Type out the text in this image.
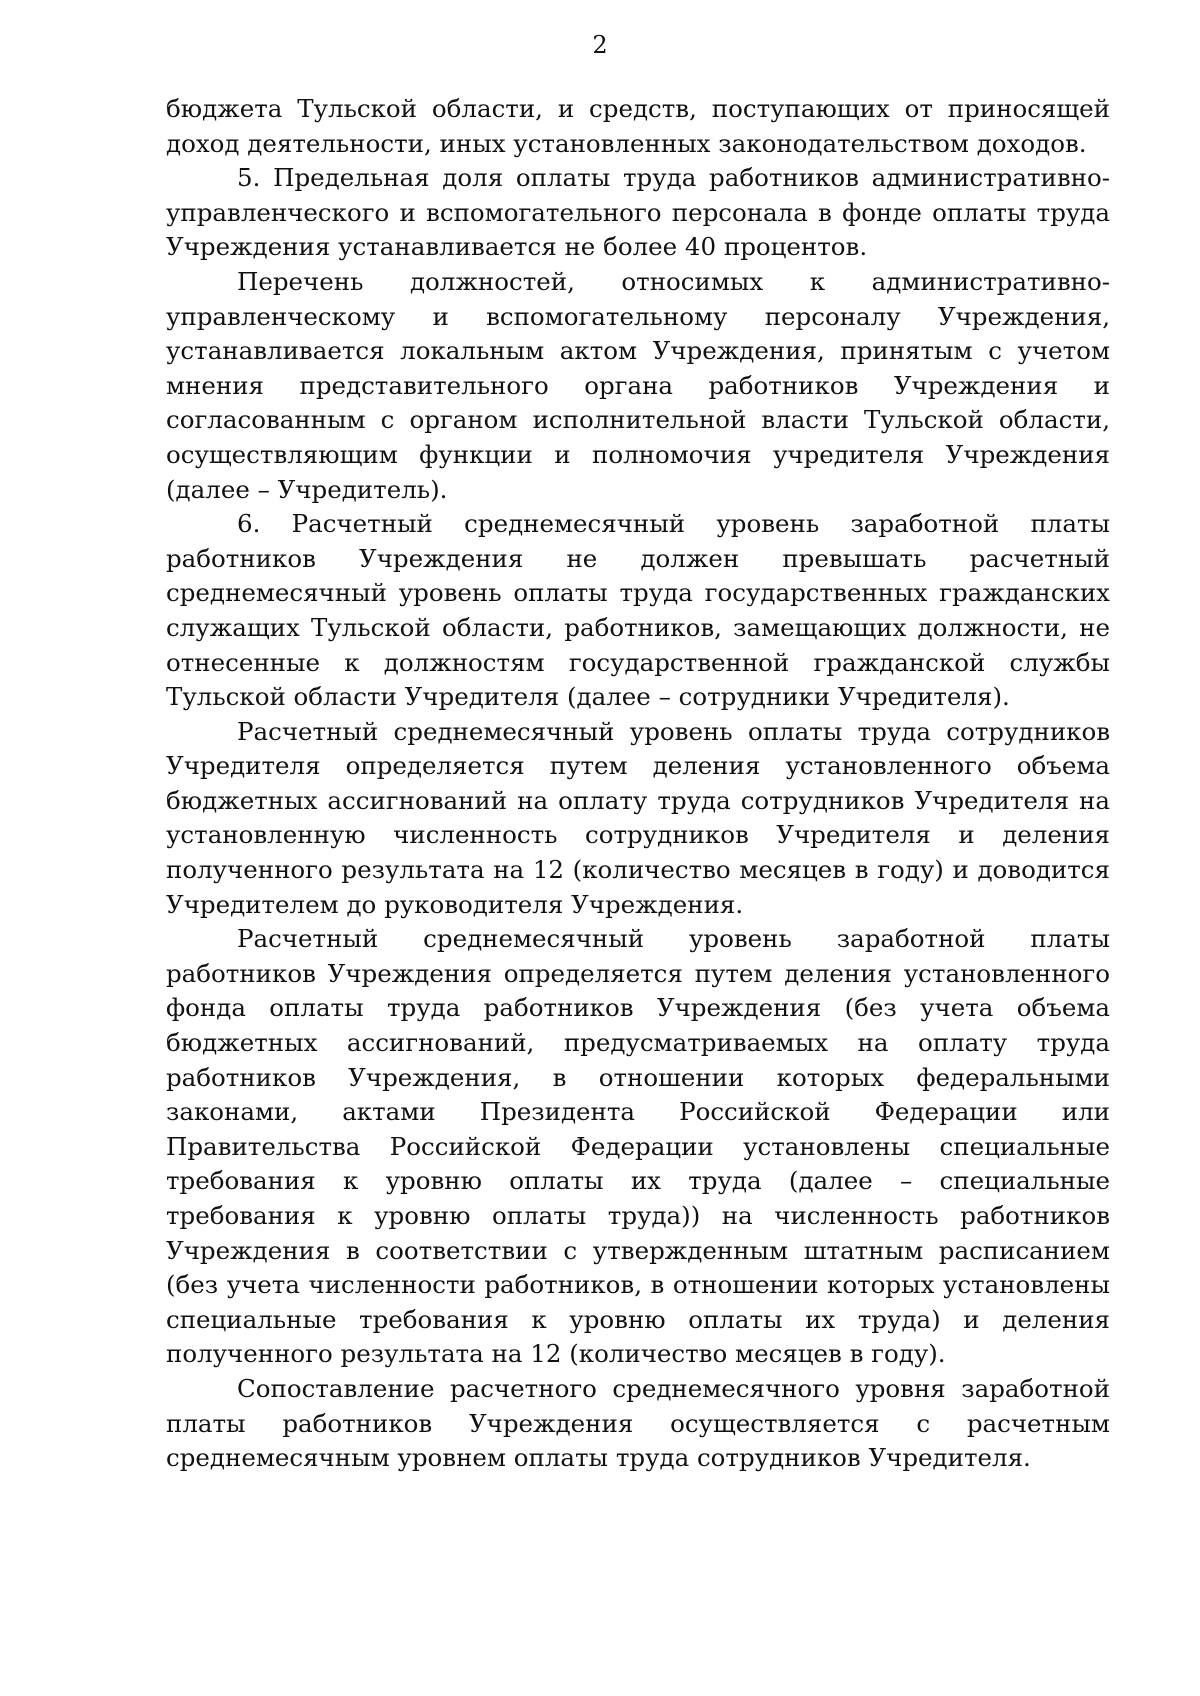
2

бюджета Тульской области, и средств, поступающих от приносящей доход деятельности, иных установленных законодательством доходов.

5. Предельная доля оплаты труда работников административно-управленческого и вспомогательного персонала в фонде оплаты труда Учреждения устанавливается не более 40 процентов.

Перечень должностей, относимых к административно-управленческому и вспомогательному персоналу Учреждения, устанавливается локальным актом Учреждения, принятым с учетом мнения представительного органа работников Учреждения и согласованным с органом исполнительной власти Тульской области, осуществляющим функции и полномочия учредителя Учреждения (далее – Учредитель).

6. Расчетный среднемесячный уровень заработной платы работников Учреждения не должен превышать расчетный среднемесячный уровень оплаты труда государственных гражданских служащих Тульской области, работников, замещающих должности, не отнесенные к должностям государственной гражданской службы Тульской области Учредителя (далее – сотрудники Учредителя).

Расчетный среднемесячный уровень оплаты труда сотрудников Учредителя определяется путем деления установленного объема бюджетных ассигнований на оплату труда сотрудников Учредителя на установленную численность сотрудников Учредителя и деления полученного результата на 12 (количество месяцев в году) и доводится Учредителем до руководителя Учреждения.

Расчетный среднемесячный уровень заработной платы работников Учреждения определяется путем деления установленного фонда оплаты труда работников Учреждения (без учета объема бюджетных ассигнований, предусматриваемых на оплату труда работников Учреждения, в отношении которых федеральными законами, актами Президента Российской Федерации или Правительства Российской Федерации установлены специальные требования к уровню оплаты их труда (далее – специальные требования к уровню оплаты труда)) на численность работников Учреждения в соответствии с утвержденным штатным расписанием (без учета численности работников, в отношении которых установлены специальные требования к уровню оплаты их труда) и деления полученного результата на 12 (количество месяцев в году).

Сопоставление расчетного среднемесячного уровня заработной платы работников Учреждения осуществляется с расчетным среднемесячным уровнем оплаты труда сотрудников Учредителя.
